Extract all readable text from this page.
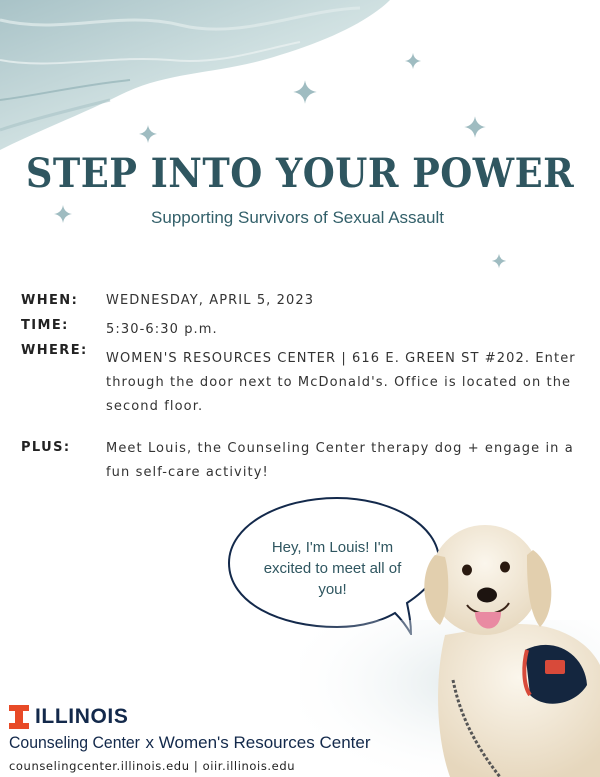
STEP INTO YOUR POWER
Supporting Survivors of Sexual Assault
WHEN: WEDNESDAY, APRIL 5, 2023
TIME:	5:30-6:30 p.m.
WHERE:
WOMEN'S RESOURCES CENTER | 616 E. GREEN ST #202. Enter through the door next to McDonald's. Office is located on the second floor.
PLUS:	Meet Louis, the Counseling Center therapy dog + engage in a fun self-care activity!
Hey, I'm Louis! I'm excited to meet all of you!
ILLINOIS
Counseling Center x Women's Resources Center
counselingcenter.illinois.edu | oiir.illinois.edu
